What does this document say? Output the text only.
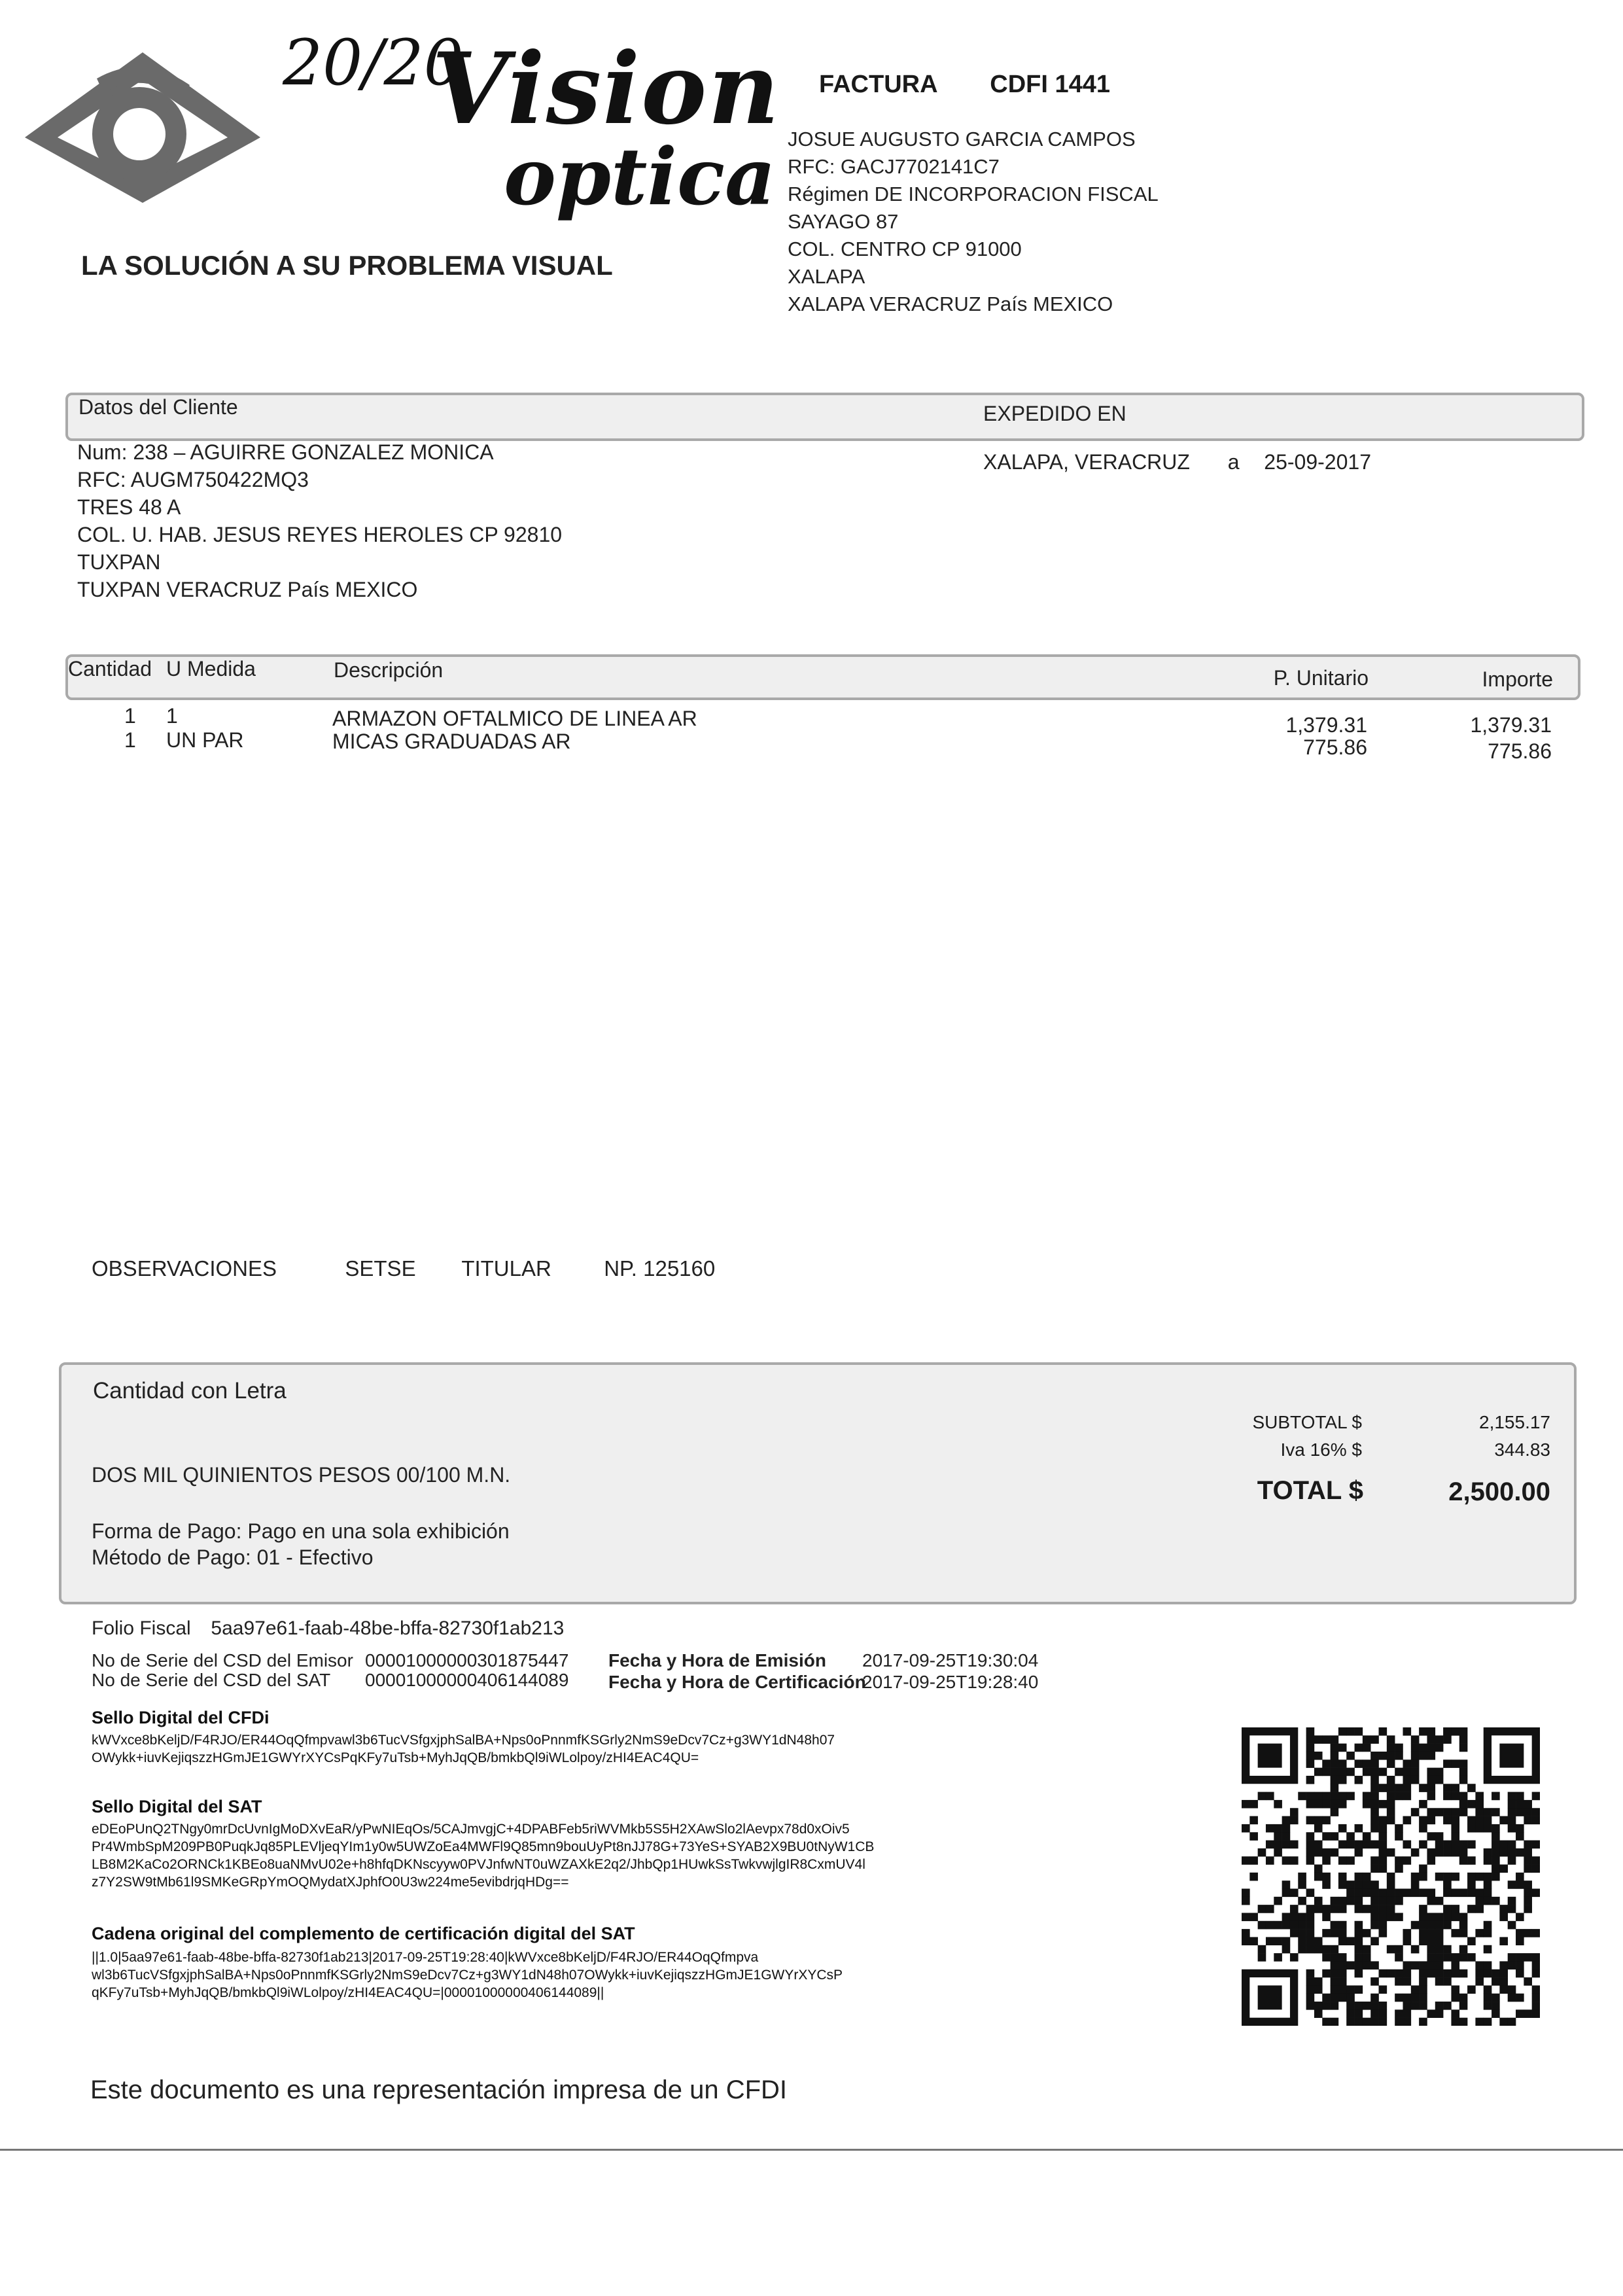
20/20
Vision
optica
LA SOLUCIÓN A SU PROBLEMA VISUAL
FACTURA CDFI 1441
JOSUE AUGUSTO GARCIA CAMPOS
RFC: GACJ7702141C7
Régimen DE INCORPORACION FISCAL
SAYAGO 87
COL. CENTRO CP 91000
XALAPA
XALAPA VERACRUZ País MEXICO
Datos del Cliente	EXPEDIDO EN
XALAPA, VERACRUZ a 25-09-2017
Num: 238 – AGUIRRE GONZALEZ MONICA
RFC: AUGM750422MQ3
TRES 48 A
COL. U. HAB. JESUS REYES HEROLES CP 92810
TUXPAN
TUXPAN VERACRUZ País MEXICO
Cantidad U Medida	Descripción	P. Unitario	Importe
1 1	ARMAZON OFTALMICO DE LINEA AR	1,379.31	1,379.31
1 UN PAR	MICAS GRADUADAS AR	775.86	775.86
OBSERVACIONES	SETSE TITULAR NP. 125160
Cantidad con Letra
DOS MIL QUINIENTOS PESOS 00/100 M.N.
Forma de Pago: Pago en una sola exhibición
Método de Pago: 01 - Efectivo
SUBTOTAL $	2,155.17
Iva 16% $	344.83
TOTAL $	2,500.00
Folio Fiscal 5aa97e61-faab-48be-bffa-82730f1ab213
No de Serie del CSD del Emisor 00001000000301875447
No de Serie del CSD del SAT 00001000000406144089
Fecha y Hora de Emisión 2017-09-25T19:30:04
Fecha y Hora de Certificación
2017-09-25T19:28:40
Sello Digital del CFDi
kWVxce8bKeljD/F4RJO/ER44OqQfmpvawl3b6TucVSfgxjphSalBA+Nps0oPnnmfKSGrly2NmS9eDcv7Cz+g3WY1dN48h07
OWykk+iuvKejiqszzHGmJE1GWYrXYCsPqKFy7uTsb+MyhJqQB/bmkbQl9iWLolpoy/zHI4EAC4QU=
Sello Digital del SAT
eDEoPUnQ2TNgy0mrDcUvnIgMoDXvEaR/yPwNIEqOs/5CAJmvgjC+4DPABFeb5riWVMkb5S5H2XAwSlo2lAevpx78d0xOiv5
Pr4WmbSpM209PB0PuqkJq85PLEVljeqYIm1y0w5UWZoEa4MWFl9Q85mn9bouUyPt8nJJ78G+73YeS+SYAB2X9BU0tNyW1CB
LB8M2KaCo2ORNCk1KBEo8uaNMvU02e+h8hfqDKNscyyw0PVJnfwNT0uWZAXkE2q2/JhbQp1HUwkSsTwkvwjlgIR8CxmUV4l
z7Y2SW9tMb61l9SMKeGRpYmOQMydatXJphfO0U3w224me5evibdrjqHDg==
Cadena original del complemento de certificación digital del SAT
||1.0|5aa97e61-faab-48be-bffa-82730f1ab213|2017-09-25T19:28:40|kWVxce8bKeljD/F4RJO/ER44OqQfmpva
wl3b6TucVSfgxjphSalBA+Nps0oPnnmfKSGrly2NmS9eDcv7Cz+g3WY1dN48h07OWykk+iuvKejiqszzHGmJE1GWYrXYCsP
qKFy7uTsb+MyhJqQB/bmkbQl9iWLolpoy/zHI4EAC4QU=|00001000000406144089||
Este documento es una representación impresa de un CFDI
